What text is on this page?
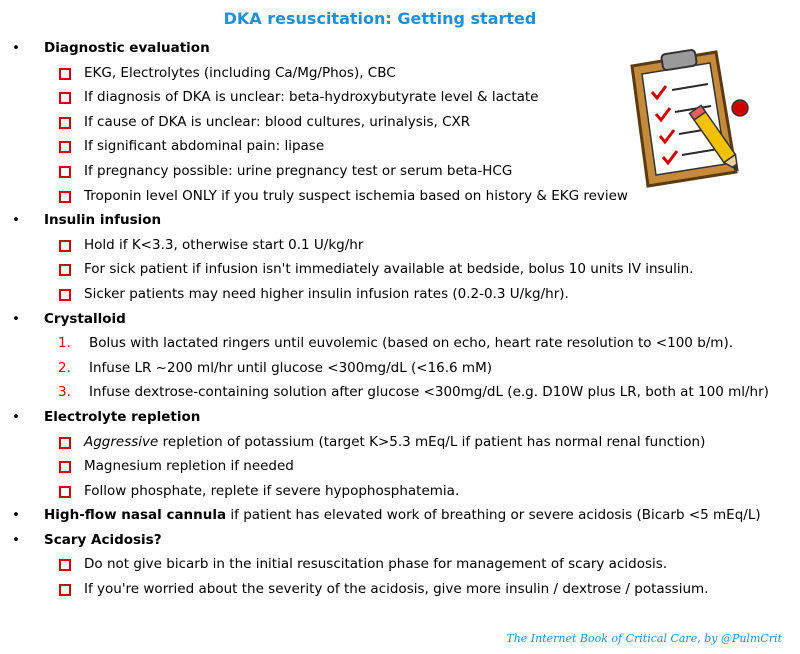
DKA resuscitation: Getting started
• Diagnostic evaluation
EKG, Electrolytes (including Ca/Mg/Phos), CBC
If diagnosis of DKA is unclear: beta-hydroxybutyrate level & lactate
If cause of DKA is unclear: blood cultures, urinalysis, CXR
If significant abdominal pain: lipase
If pregnancy possible: urine pregnancy test or serum beta-HCG
Troponin level ONLY if you truly suspect ischemia based on history & EKG review
• Insulin infusion
Hold if K<3.3, otherwise start 0.1 U/kg/hr
For sick patient if infusion isn't immediately available at bedside, bolus 10 units IV insulin.
Sicker patients may need higher insulin infusion rates (0.2-0.3 U/kg/hr).
• Crystalloid
1. Bolus with lactated ringers until euvolemic (based on echo, heart rate resolution to <100 b/m).
2. Infuse LR ~200 ml/hr until glucose <300mg/dL (<16.6 mM)
3. Infuse dextrose-containing solution after glucose <300mg/dL (e.g. D10W plus LR, both at 100 ml/hr)
• Electrolyte repletion
Aggressive repletion of potassium (target K>5.3 mEq/L if patient has normal renal function)
Magnesium repletion if needed
Follow phosphate, replete if severe hypophosphatemia.
• High-flow nasal cannula if patient has elevated work of breathing or severe acidosis (Bicarb <5 mEq/L)
• Scary Acidosis?
Do not give bicarb in the initial resuscitation phase for management of scary acidosis.
If you're worried about the severity of the acidosis, give more insulin / dextrose / potassium.
The Internet Book of Critical Care, by @PulmCrit
